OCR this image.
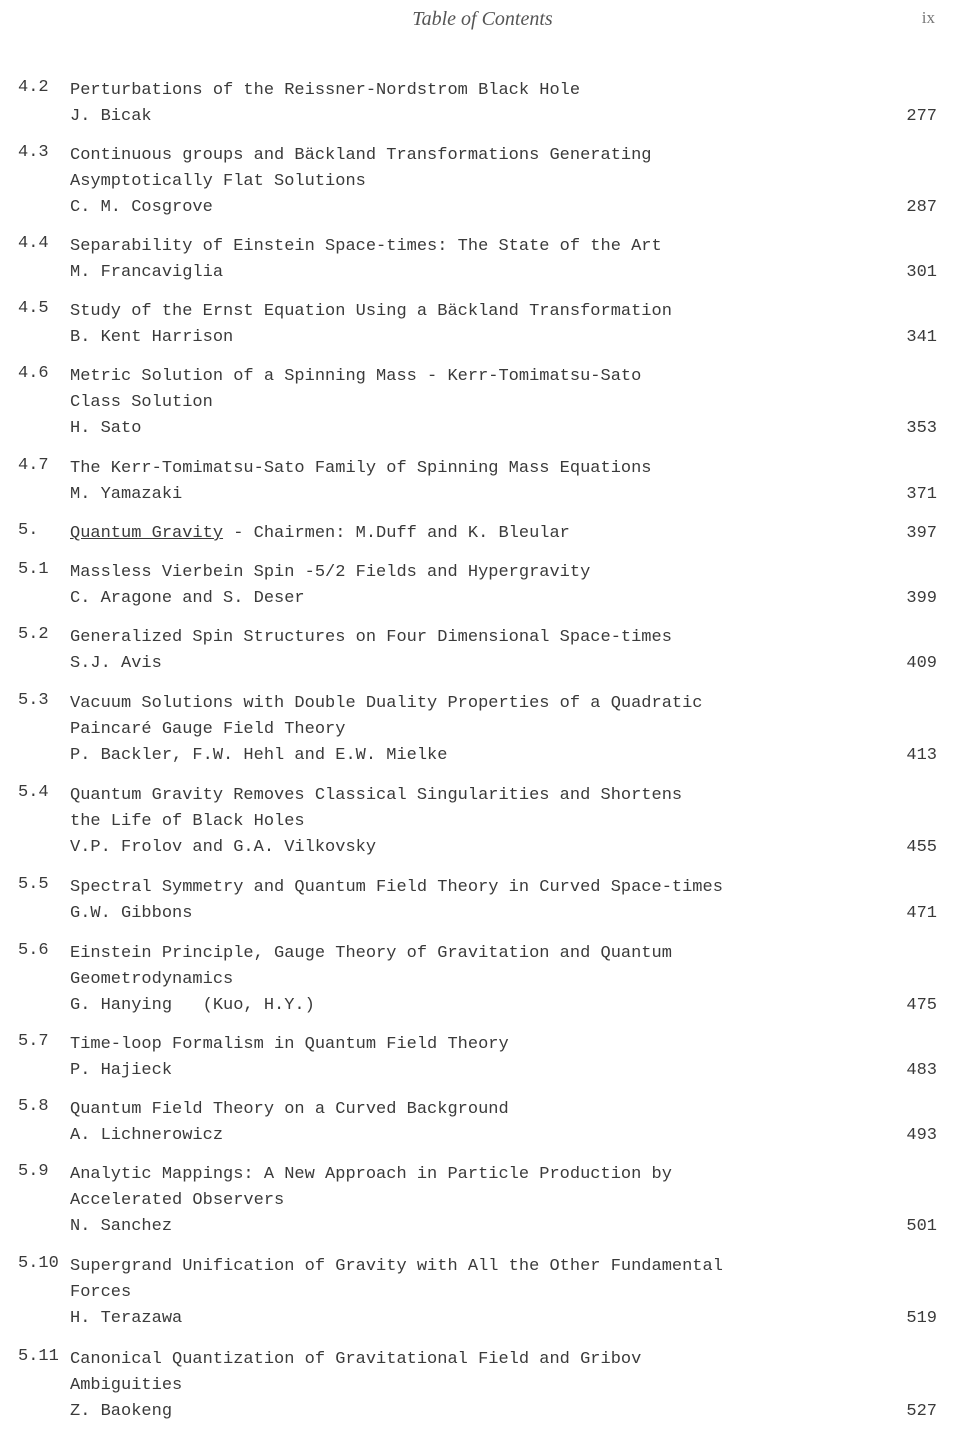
Table of Contents	ix
4.2 Perturbations of the Reissner-Nordstrom Black Hole
J. Bicak	277
4.3 Continuous groups and Bäckland Transformations Generating
Asymptotically Flat Solutions
C. M. Cosgrove	287
4.4 Separability of Einstein Space-times: The State of the Art
M. Francaviglia	301
4.5 Study of the Ernst Equation Using a Bäckland Transformation
B. Kent Harrison	341
4.6 Metric Solution of a Spinning Mass - Kerr-Tomimatsu-Sato
Class Solution
H. Sato	353
4.7 The Kerr-Tomimatsu-Sato Family of Spinning Mass Equations
M. Yamazaki	371
5. Quantum Gravity - Chairmen: M.Duff and K. Bleular	397
5.1 Massless Vierbein Spin -5/2 Fields and Hypergravity
C. Aragone and S. Deser	399
5.2 Generalized Spin Structures on Four Dimensional Space-times
S.J. Avis	409
5.3 Vacuum Solutions with Double Duality Properties of a Quadratic
Paincaré Gauge Field Theory
P. Backler, F.W. Hehl and E.W. Mielke	413
5.4 Quantum Gravity Removes Classical Singularities and Shortens
the Life of Black Holes
V.P. Frolov and G.A. Vilkovsky	455
5.5 Spectral Symmetry and Quantum Field Theory in Curved Space-times
G.W. Gibbons	471
5.6 Einstein Principle, Gauge Theory of Gravitation and Quantum
Geometrodynamics
G. Hanying   (Kuo, H.Y.)	475
5.7 Time-loop Formalism in Quantum Field Theory
P. Hajieck	483
5.8 Quantum Field Theory on a Curved Background
A. Lichnerowicz	493
5.9 Analytic Mappings: A New Approach in Particle Production by
Accelerated Observers
N. Sanchez	501
5.10 Supergrand Unification of Gravity with All the Other Fundamental
Forces
H. Terazawa	519
5.11 Canonical Quantization of Gravitational Field and Gribov
Ambiguities
Z. Baokeng	527
